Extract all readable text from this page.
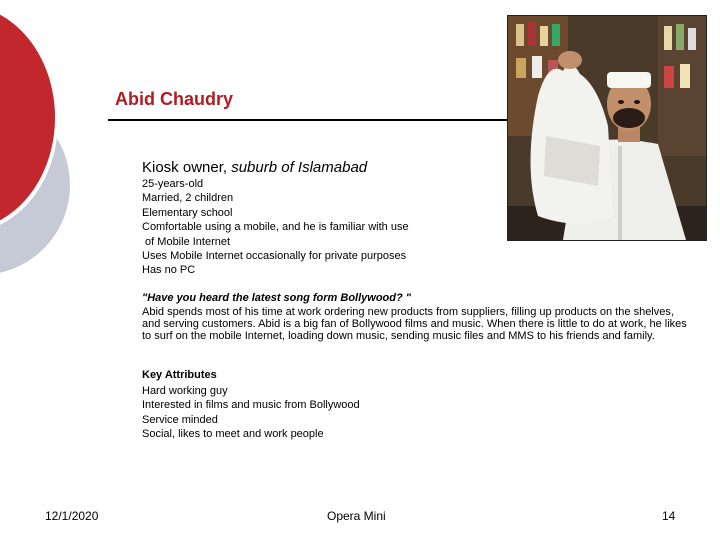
Abid Chaudry
Kiosk owner, suburb of Islamabad
25-years-old
Married, 2 children
Elementary school
Comfortable using a mobile, and he is familiar with use
of Mobile Internet
Uses Mobile Internet occasionally for private purposes
Has no PC
"Have you heard the latest song form Bollywood? "

Abid spends most of his time at work ordering new products from suppliers, filling up products on the shelves, and serving customers. Abid is a big fan of Bollywood films and music. When there is little to do at work, he likes to surf on the mobile Internet, loading down music, sending music files and MMS to his friends and family.

Key Attributes
Hard working guy
Interested in films and music from Bollywood
Service minded
Social, likes to meet and work people
12/1/2020	Opera Mini	14
